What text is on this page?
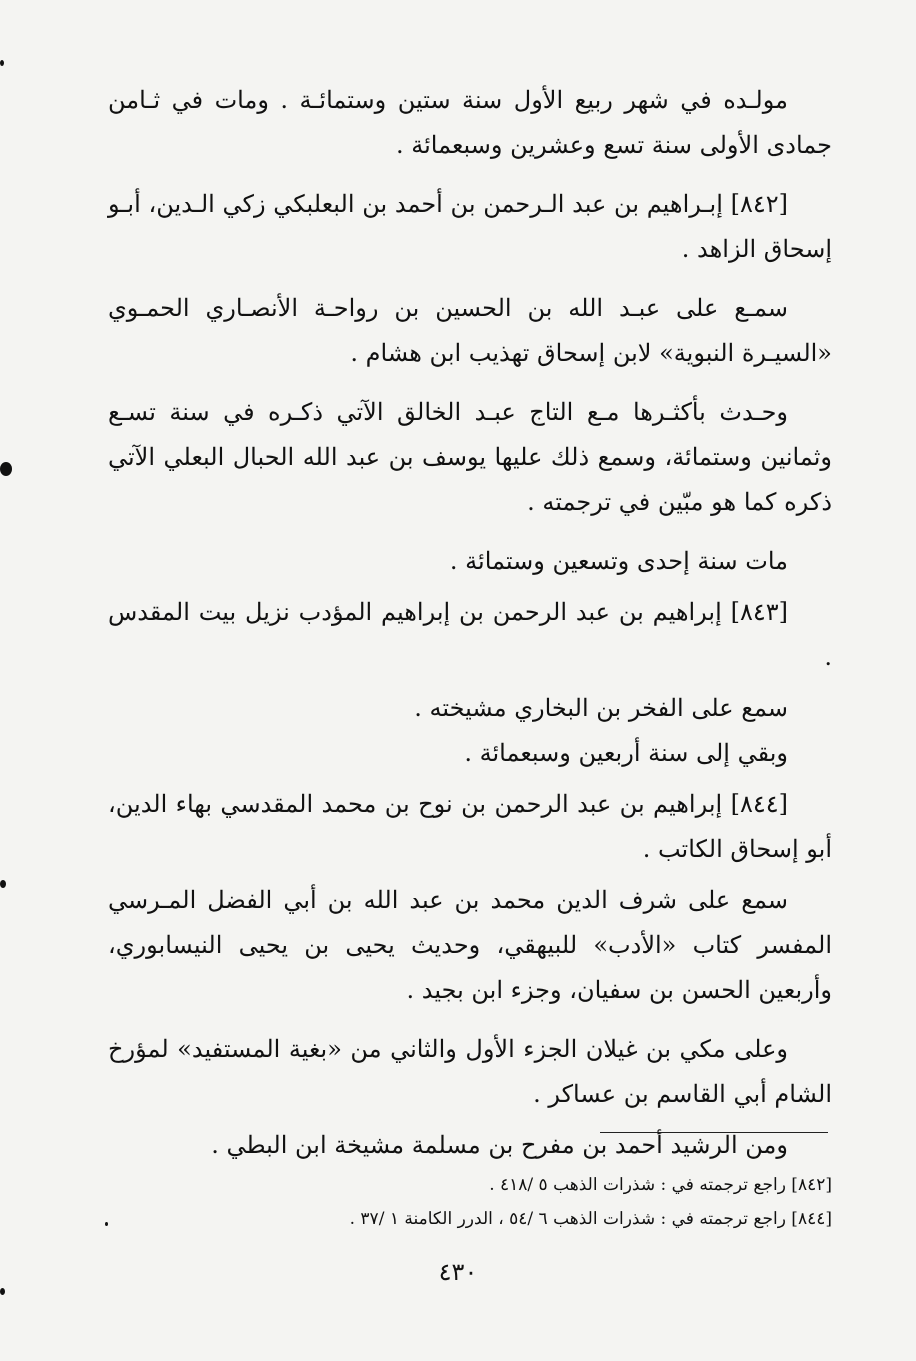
مولـده في شهر ربيع الأول سنة ستين وستمائـة . ومات في ثـامن جمادى الأولى سنة تسع وعشرين وسبعمائة .

[٨٤٢] إبـراهيم بن عبد الـرحمن بن أحمد بن البعلبكي زكي الـدين، أبـو إسحاق الزاهد .

سمـع على عبـد الله بن الحسين بن رواحـة الأنصـاري الحمـوي «السيـرة النبوية» لابن إسحاق تهذيب ابن هشام .

وحـدث بأكثـرها مـع التاج عبـد الخالق الآتي ذكـره في سنة تسـع وثمانين وستمائة، وسمع ذلك عليها يوسف بن عبد الله الحبال البعلي الآتي ذكره كما هو مبّين في ترجمته .

مات سنة إحدى وتسعين وستمائة .

[٨٤٣] إبراهيم بن عبد الرحمن بن إبراهيم المؤدب نزيل بيت المقدس .

سمع على الفخر بن البخاري مشيخته .

وبقي إلى سنة أربعين وسبعمائة .

[٨٤٤] إبراهيم بن عبد الرحمن بن نوح بن محمد المقدسي بهاء الدين، أبو إسحاق الكاتب .

سمع على شرف الدين محمد بن عبد الله بن أبي الفضل المـرسي المفسر كتاب «الأدب» للبيهقي، وحديث يحيى بن يحيى النيسابوري، وأربعين الحسن بن سفيان، وجزء ابن بجيد .

وعلى مكي بن غيلان الجزء الأول والثاني من «بغية المستفيد» لمؤرخ الشام أبي القاسم بن عساكر .

ومن الرشيد أحمد بن مفرح بن مسلمة مشيخة ابن البطي .

[٨٤٢] راجع ترجمته في : شذرات الذهب ٥ /٤١٨ .

[٨٤٤] راجع ترجمته في : شذرات الذهب ٦ /٥٤ ، الدرر الكامنة ١ /٣٧ .

٤٣٠
